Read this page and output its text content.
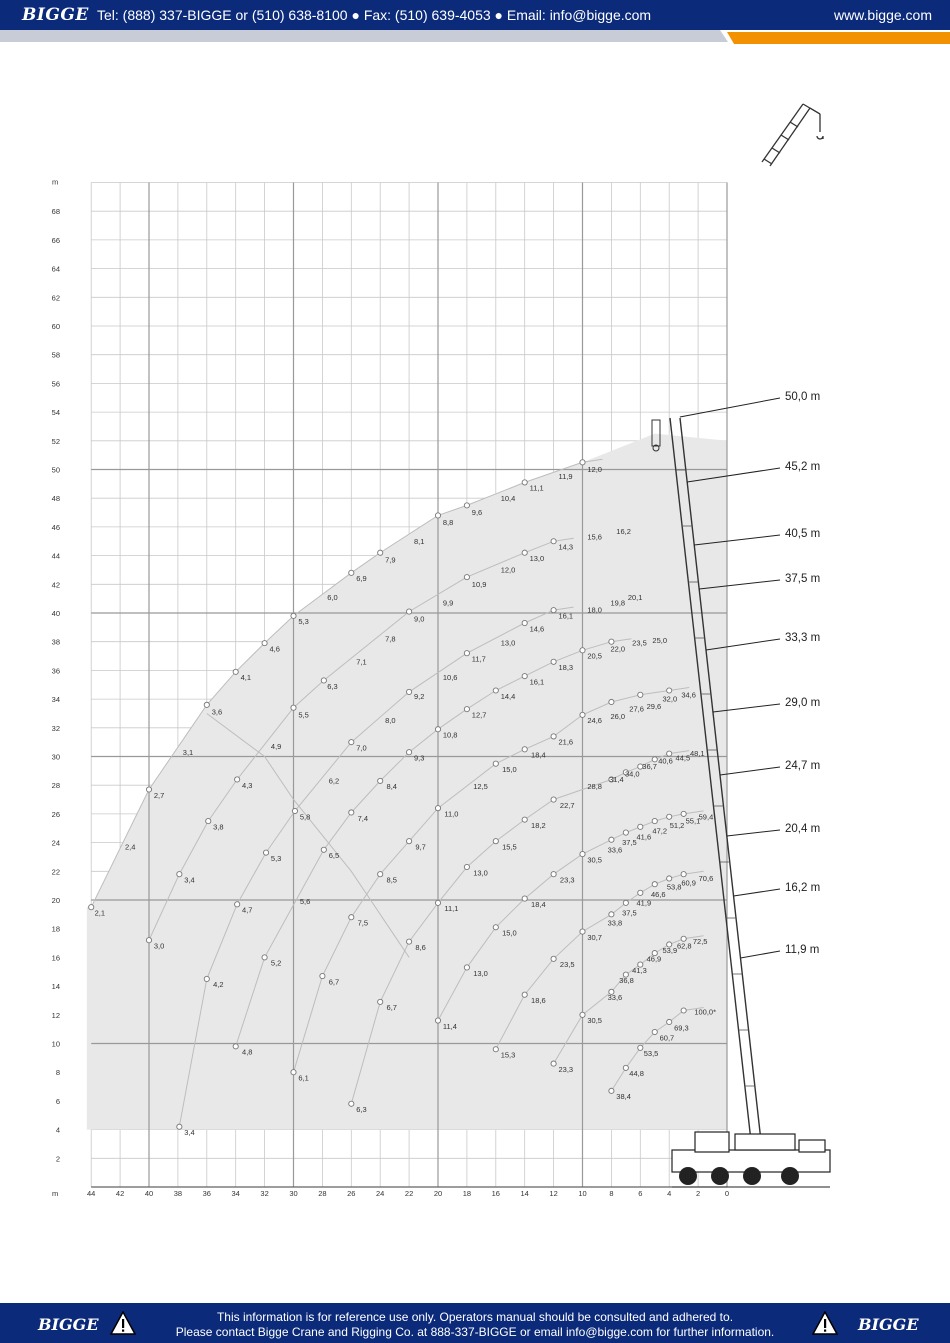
BIGGE Tel: (888) 337-BIGGE or (510) 638-8100 ● Fax: (510) 639-4053 ● Email: info@bigge.com	www.bigge.com
2,1
2,4
2,7
3,1
3,6
4,1
4,6
5,3
6,0
6,9
7,9
8,1
8,8
9,6
10,4
11,1
11,9
12,0
3,0
3,4
3,8
4,3
4,9
5,5
6,3
7,1
7,8
9,0
9,9
10,9
12,0
13,0
14,3
15,6
16,2
3,4
4,2
4,7
5,3
5,8
6,2
7,0
8,0
9,2
10,6
11,7
13,0
14,6
16,1
18,0
19,8
20,1
4,8
5,2
5,6
6,5
7,4
8,4
9,3
10,8
12,7
14,4
16,1
18,3
20,5
22,0
23,5 25,0
6,1
6,7
7,5
8,5
9,7
11,0
12,5
15,0
18,4
21,6
24,6 26,0
27,6 29,6
32,0 34,6
6,3
6,7
8,6
11,1
13,0
15,5
18,2
22,7
28,8
31,4
34,0
36,7
40,6 44,5 48,1
11,4
13,0
15,0
18,4
23,3
30,5
33,6
37,5
41,6
47,2
51,2 55,1
59,4
15,3
18,6
23,5
30,7
33,8
37,5
41,9
46,6
53,8 60,9 70,6
23,3
30,5
33,6
36,8
41,3
46,9
53,9 62,8 72,5
38,4
44,8
53,5
60,7
69,3
100,0*
44	42	40	38	36	34	32	30	28	26	24	22	20	18	16	14	12	10	8	6	4	2	0
2
4
6
8
10
12
14
16
18
20
22
24
26
28
30
32
34
36
38
40
42
44
46
48
50
52
54
56
58
60
62
64
66
68
m
m
50,0 m
45,2 m
40,5 m
37,5 m
33,3 m
29,0 m
24,7 m
20,4 m
16,2 m
11,9 m
BIGGE	This information is for reference use only. Operators manual should be consulted and adhered to.
Please contact Bigge Crane and Rigging Co. at 888-337-BIGGE or email info@bigge.com for further information.	BIGGE
